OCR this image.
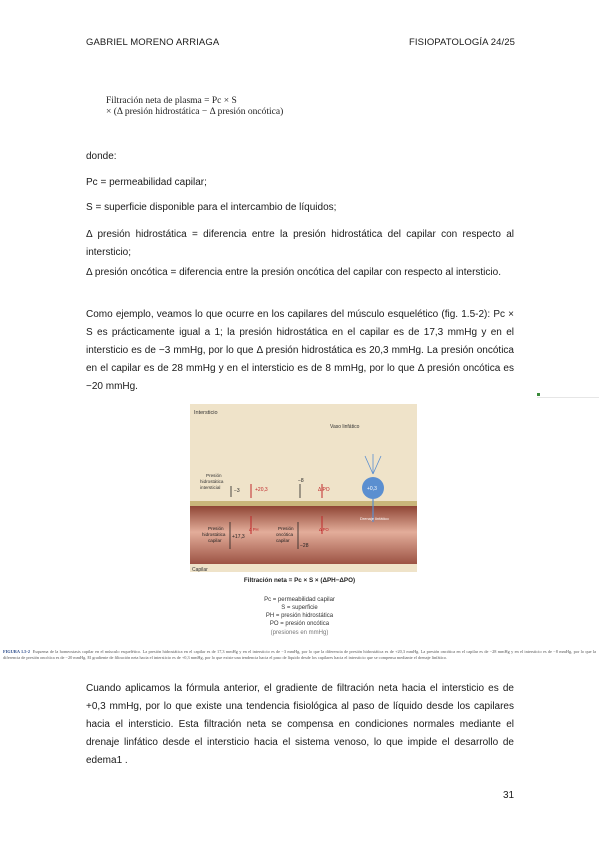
GABRIEL MORENO ARRIAGA	FISIOPATOLOGÍA 24/25
Filtración neta de plasma = Pc × S
× (Δ presión hidrostática − Δ presión oncótica)
donde:
Pc = permeabilidad capilar;
S = superficie disponible para el intercambio de líquidos;
Δ presión hidrostática = diferencia entre la presión hidrostática del capilar con respecto al intersticio;
Δ presión oncótica = diferencia entre la presión oncótica del capilar con respecto al intersticio.
Como ejemplo, veamos lo que ocurre en los capilares del músculo esquelético (fig. 1.5-2): Pc × S es prácticamente igual a 1; la presión hidrostática en el capilar es de 17,3 mmHg y en el intersticio es de −3 mmHg, por lo que Δ presión hidrostática es 20,3 mmHg. La presión oncótica en el capilar es de 28 mmHg y en el intersticio es de 8 mmHg, por lo que Δ presión oncótica es −20 mmHg.
Intersticio
Vaso linfático
Presión hidrostática intersticial
−3	+20,3
−8
Δ PO	+0,3
Drenaje linfático
Presión hidrostática capilar
+17,3
Δ PH	Presión oncótica capilar
−28
Δ PO
Capilar
Filtración neta = Pc × S × (ΔPH−ΔPO)
Pc = permeabilidad capilar
S = superficie
PH = presión hidrostática
PO = presión oncótica
(presiones en mmHg)
FIGURA 1.5-2 Esquema de la homeostasis capilar en el músculo esquelético. La presión hidrostática en el capilar es de 17,3 mmHg y en el intersticio es de −3 mmHg, por lo que la diferencia de presión hidrostática es de +20,3 mmHg. La presión oncótica en el capilar es de −28 mmHg y en el intersticio es de −8 mmHg, por lo que la diferencia de presión oncótica es de −20 mmHg. El gradiente de filtración neta hacia el intersticio es de +0,3 mmHg, por lo que existe una tendencia hacia el paso de líquido desde los capilares hacia el intersticio que se compensa mediante el drenaje linfático.
Cuando aplicamos la fórmula anterior, el gradiente de filtración neta hacia el intersticio es de +0,3 mmHg, por lo que existe una tendencia fisiológica al paso de líquido desde los capilares hacia el intersticio. Esta filtración neta se compensa en condiciones normales mediante el drenaje linfático desde el intersticio hacia el sistema venoso, lo que impide el desarrollo de edema1 .
31
